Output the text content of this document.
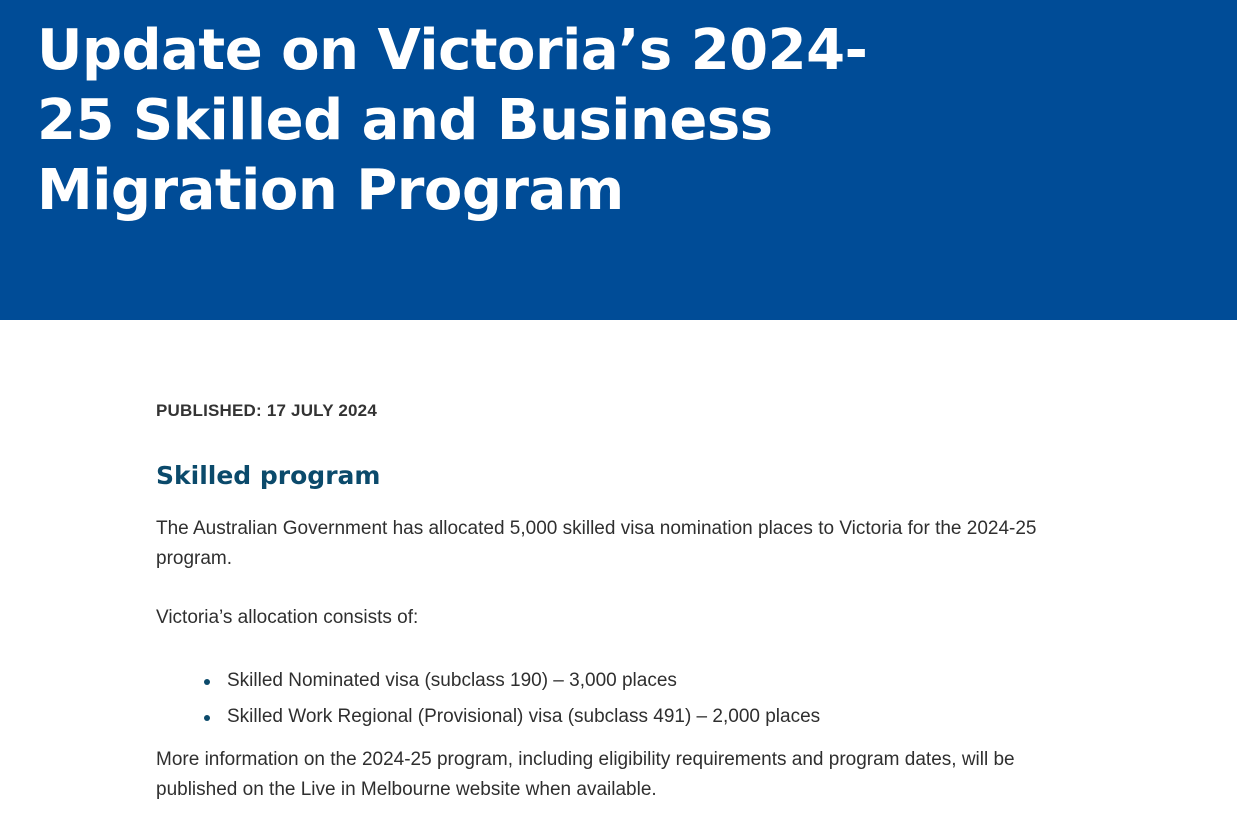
Update on Victoria’s 2024-25 Skilled and Business Migration Program
PUBLISHED: 17 JULY 2024
Skilled program

The Australian Government has allocated 5,000 skilled visa nomination places to Victoria for the 2024-25 program.

Victoria’s allocation consists of:

Skilled Nominated visa (subclass 190) – 3,000 places
Skilled Work Regional (Provisional) visa (subclass 491) – 2,000 places

More information on the 2024-25 program, including eligibility requirements and program dates, will be published on the Live in Melbourne website when available.
